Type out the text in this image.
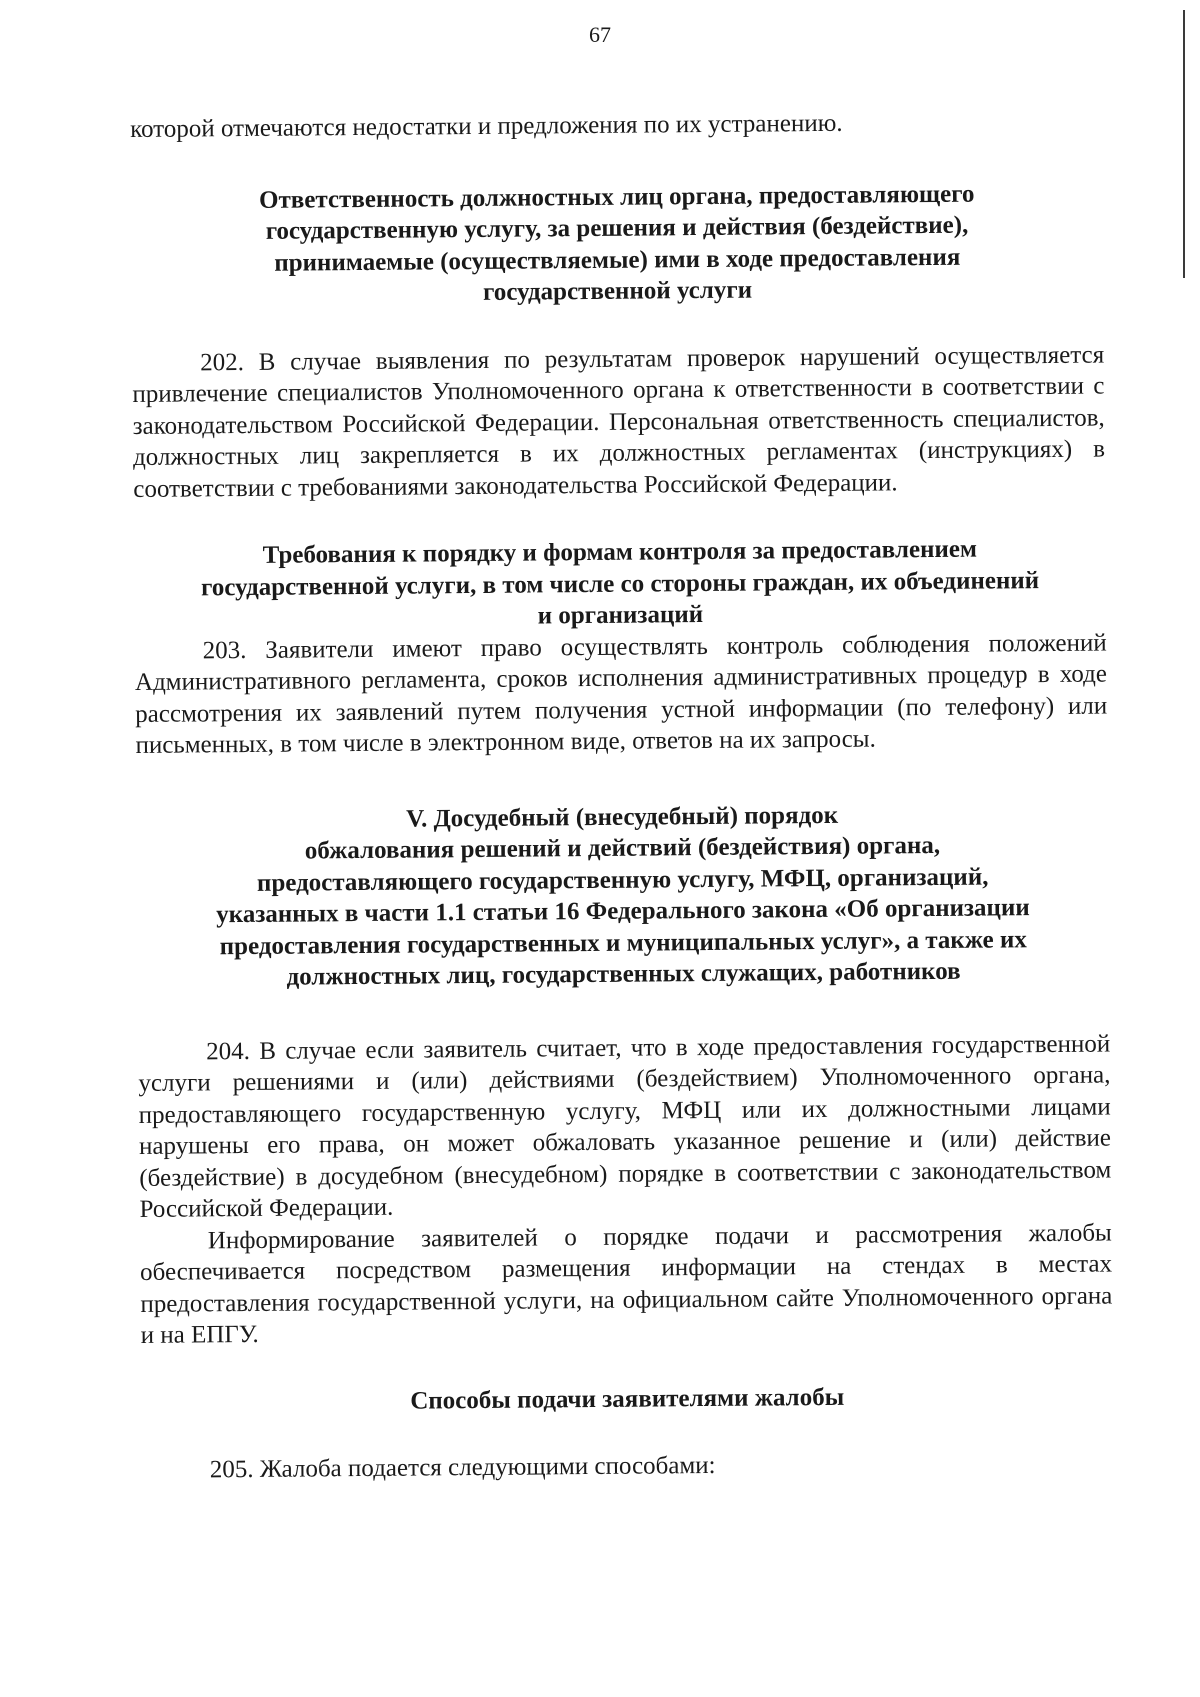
67

которой отмечаются недостатки и предложения по их устранению.

Ответственность должностных лиц органа, предоставляющего
государственную услугу, за решения и действия (бездействие),
принимаемые (осуществляемые) ими в ходе предоставления
государственной услуги

202. В случае выявления по результатам проверок нарушений осуществляется привлечение специалистов Уполномоченного органа к ответственности в соответствии с законодательством Российской Федерации. Персональная ответственность специалистов, должностных лиц закрепляется в их должностных регламентах (инструкциях) в соответствии с требованиями законодательства Российской Федерации.

Требования к порядку и формам контроля за предоставлением
государственной услуги, в том числе со стороны граждан, их объединений
и организаций

203. Заявители имеют право осуществлять контроль соблюдения положений Административного регламента, сроков исполнения административных процедур в ходе рассмотрения их заявлений путем получения устной информации (по телефону) или письменных, в том числе в электронном виде, ответов на их запросы.

V. Досудебный (внесудебный) порядок
обжалования решений и действий (бездействия) органа,
предоставляющего государственную услугу, МФЦ, организаций,
указанных в части 1.1 статьи 16 Федерального закона «Об организации
предоставления государственных и муниципальных услуг», а также их
должностных лиц, государственных служащих, работников

204. В случае если заявитель считает, что в ходе предоставления государственной услуги решениями и (или) действиями (бездействием) Уполномоченного органа, предоставляющего государственную услугу, МФЦ или их должностными лицами нарушены его права, он может обжаловать указанное решение и (или) действие (бездействие) в досудебном (внесудебном) порядке в соответствии с законодательством Российской Федерации.

Информирование заявителей о порядке подачи и рассмотрения жалобы обеспечивается посредством размещения информации на стендах в местах предоставления государственной услуги, на официальном сайте Уполномоченного органа и на ЕПГУ.

Способы подачи заявителями жалобы

205. Жалоба подается следующими способами:
